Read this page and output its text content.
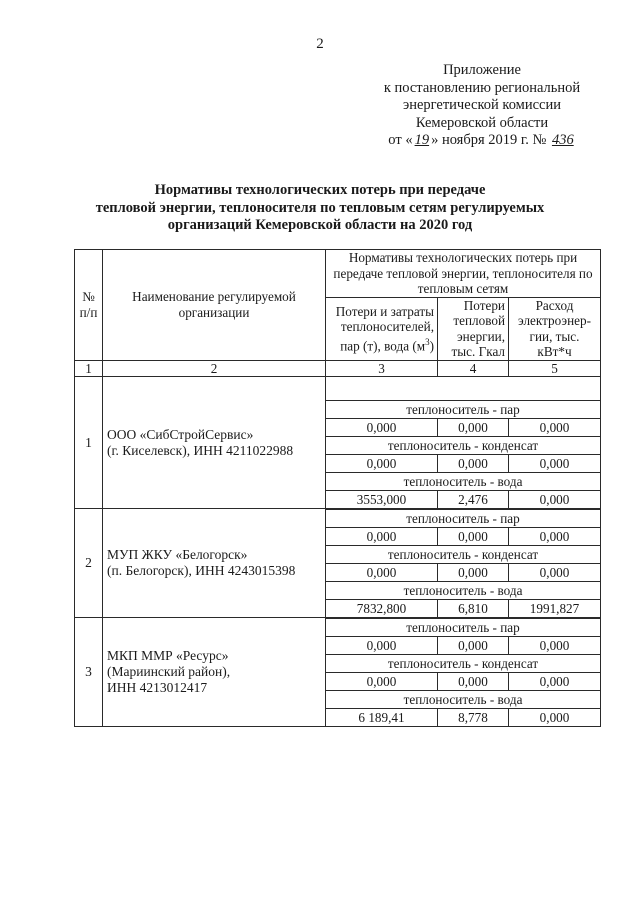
2
Приложение
к постановлению региональной
энергетической комиссии
Кемеровской области
от « 19 » ноября 2019 г. № 436
Нормативы технологических потерь при передаче
тепловой энергии, теплоносителя по тепловым сетям регулируемых
организаций Кемеровской области на 2020 год
№ п/п	Наименование регулируемой организации	Нормативы технологических потерь при передаче тепловой энергии, теплоносителя по тепловым сетям		
		Потери и затраты теплоносителей, пар (т), вода $(м^3)$	Потери тепловой энергии, тыс. Гкал	Расход электроэнер-гии, тыс. кВт*ч
1	2	3	4	5
1	ООО «СибСтройСервис»
(г. Киселевск), ИНН 4211022988			

		теплоноситель - пар		
		0,000	0,000	0,000
		теплоноситель - конденсат		
		0,000	0,000	0,000
		теплоноситель - вода		
		3553,000	2,476	0,000
2	МУП ЖКУ «Белогорск»
(п. Белогорск), ИНН 4243015398			

		теплоноситель - пар		
		0,000	0,000	0,000
		теплоноситель - конденсат		
		0,000	0,000	0,000
		теплоноситель - вода		
		7832,800	6,810	1991,827
3	МКП ММР «Ресурс»
(Мариинский район),
ИНН 4213012417			

		теплоноситель - пар		
		0,000	0,000	0,000
		теплоноситель - конденсат		
		0,000	0,000	0,000
		теплоноситель - вода		
		6 189,41	8,778	0,000
